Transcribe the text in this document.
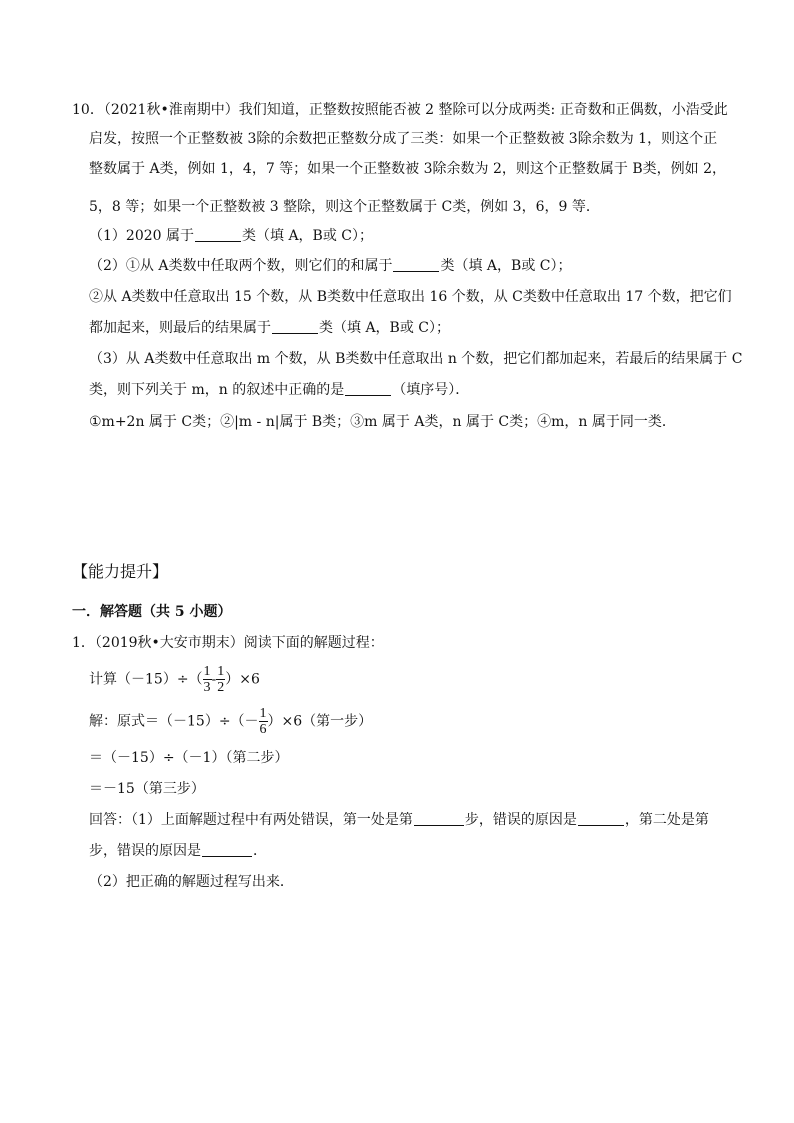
10．（2021秋•淮南期中）我们知道，正整数按照能否被 2 整除可以分成两类: 正奇数和正偶数，小浩受此
启发，按照一个正整数被 3除的余数把正整数分成了三类：如果一个正整数被 3除余数为 1，则这个正
整数属于 A类，例如 1，4，7 等；如果一个正整数被 3除余数为 2，则这个正整数属于 B类，例如 2，
5，8 等；如果一个正整数被 3 整除，则这个正整数属于 C类，例如 3，6，9 等．
（1）2020 属于	类（填 A，B或 C）；
（2）①从 A类数中任取两个数，则它们的和属于	类（填 A，B或 C）；
②从 A类数中任意取出 15 个数，从 B类数中任意取出 16 个数，从 C类数中任意取出 17 个数，把它们
都加起来，则最后的结果属于	类（填 A，B或 C）；
（3）从 A类数中任意取出 m 个数，从 B类数中任意取出 n 个数，把它们都加起来，若最后的结果属于 C
类，则下列关于 m，n 的叙述中正确的是	（填序号）．
①m+2n 属于 C类；②|m - n|属于 B类；③m 属于 A类，n 属于 C类；④m，n 属于同一类．
【能力提升】
一．解答题（共 5 小题）
1．（2019秋•大安市期末）阅读下面的解题过程：
计算$(-15)\div( \frac{1}{3} - \frac{1}{2} )\times 6$
解：原式$=(-15)\div(- \frac{1}{6} )\times 6$（第一步）
＝（－15）÷（－1）（第二步）
＝－15（第三步）
回答：（1）上面解题过程中有两处错误，第一处是第	步，错误的原因是	，第二处是第
步，错误的原因是	．
（2）把正确的解题过程写出来．
